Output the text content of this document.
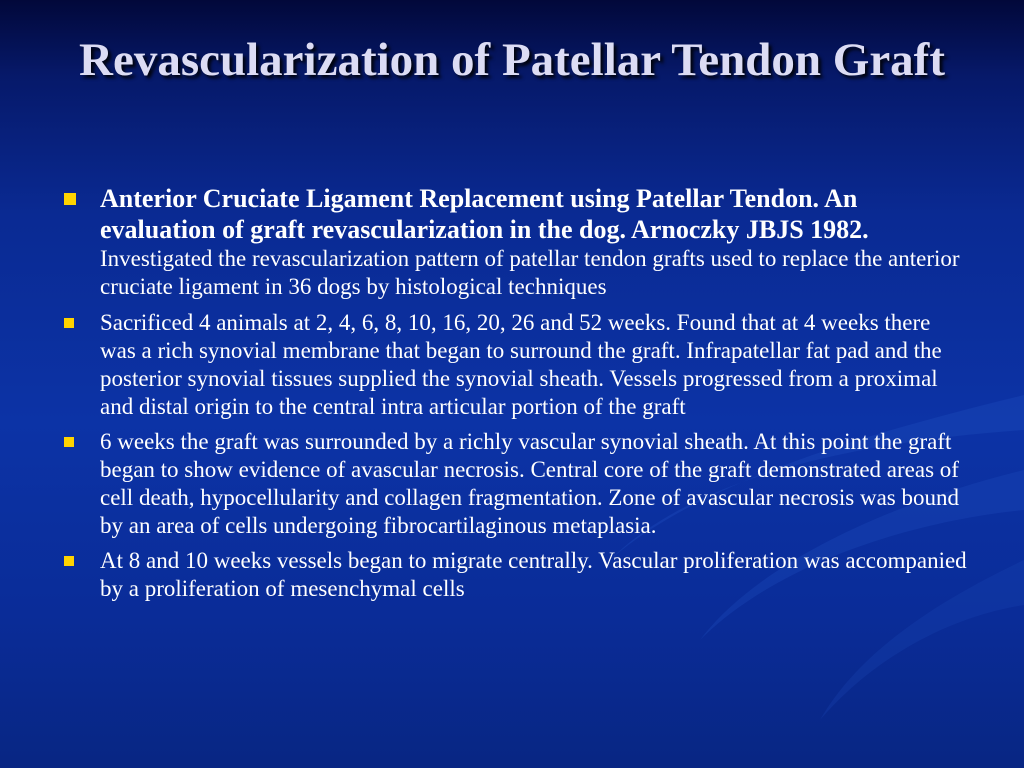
Revascularization of Patellar Tendon Graft
Anterior Cruciate Ligament Replacement using Patellar Tendon. An evaluation of graft revascularization in the dog. Arnoczky JBJS 1982. Investigated the revascularization pattern of patellar tendon grafts used to replace the anterior cruciate ligament in 36 dogs by histological techniques
Sacrificed 4 animals at 2, 4, 6, 8, 10, 16, 20, 26 and 52 weeks. Found that at 4 weeks there was a rich synovial membrane that began to surround the graft. Infrapatellar fat pad and the posterior synovial tissues supplied the synovial sheath. Vessels progressed from a proximal and distal origin to the central intra articular portion of the graft
6 weeks the graft was surrounded by a richly vascular synovial sheath. At this point the graft began to show evidence of avascular necrosis. Central core of the graft demonstrated areas of cell death, hypocellularity and collagen fragmentation. Zone of avascular necrosis was bound by an area of cells undergoing fibrocartilaginous metaplasia.
At 8 and 10 weeks vessels began to migrate centrally. Vascular proliferation was accompanied by a proliferation of mesenchymal cells
